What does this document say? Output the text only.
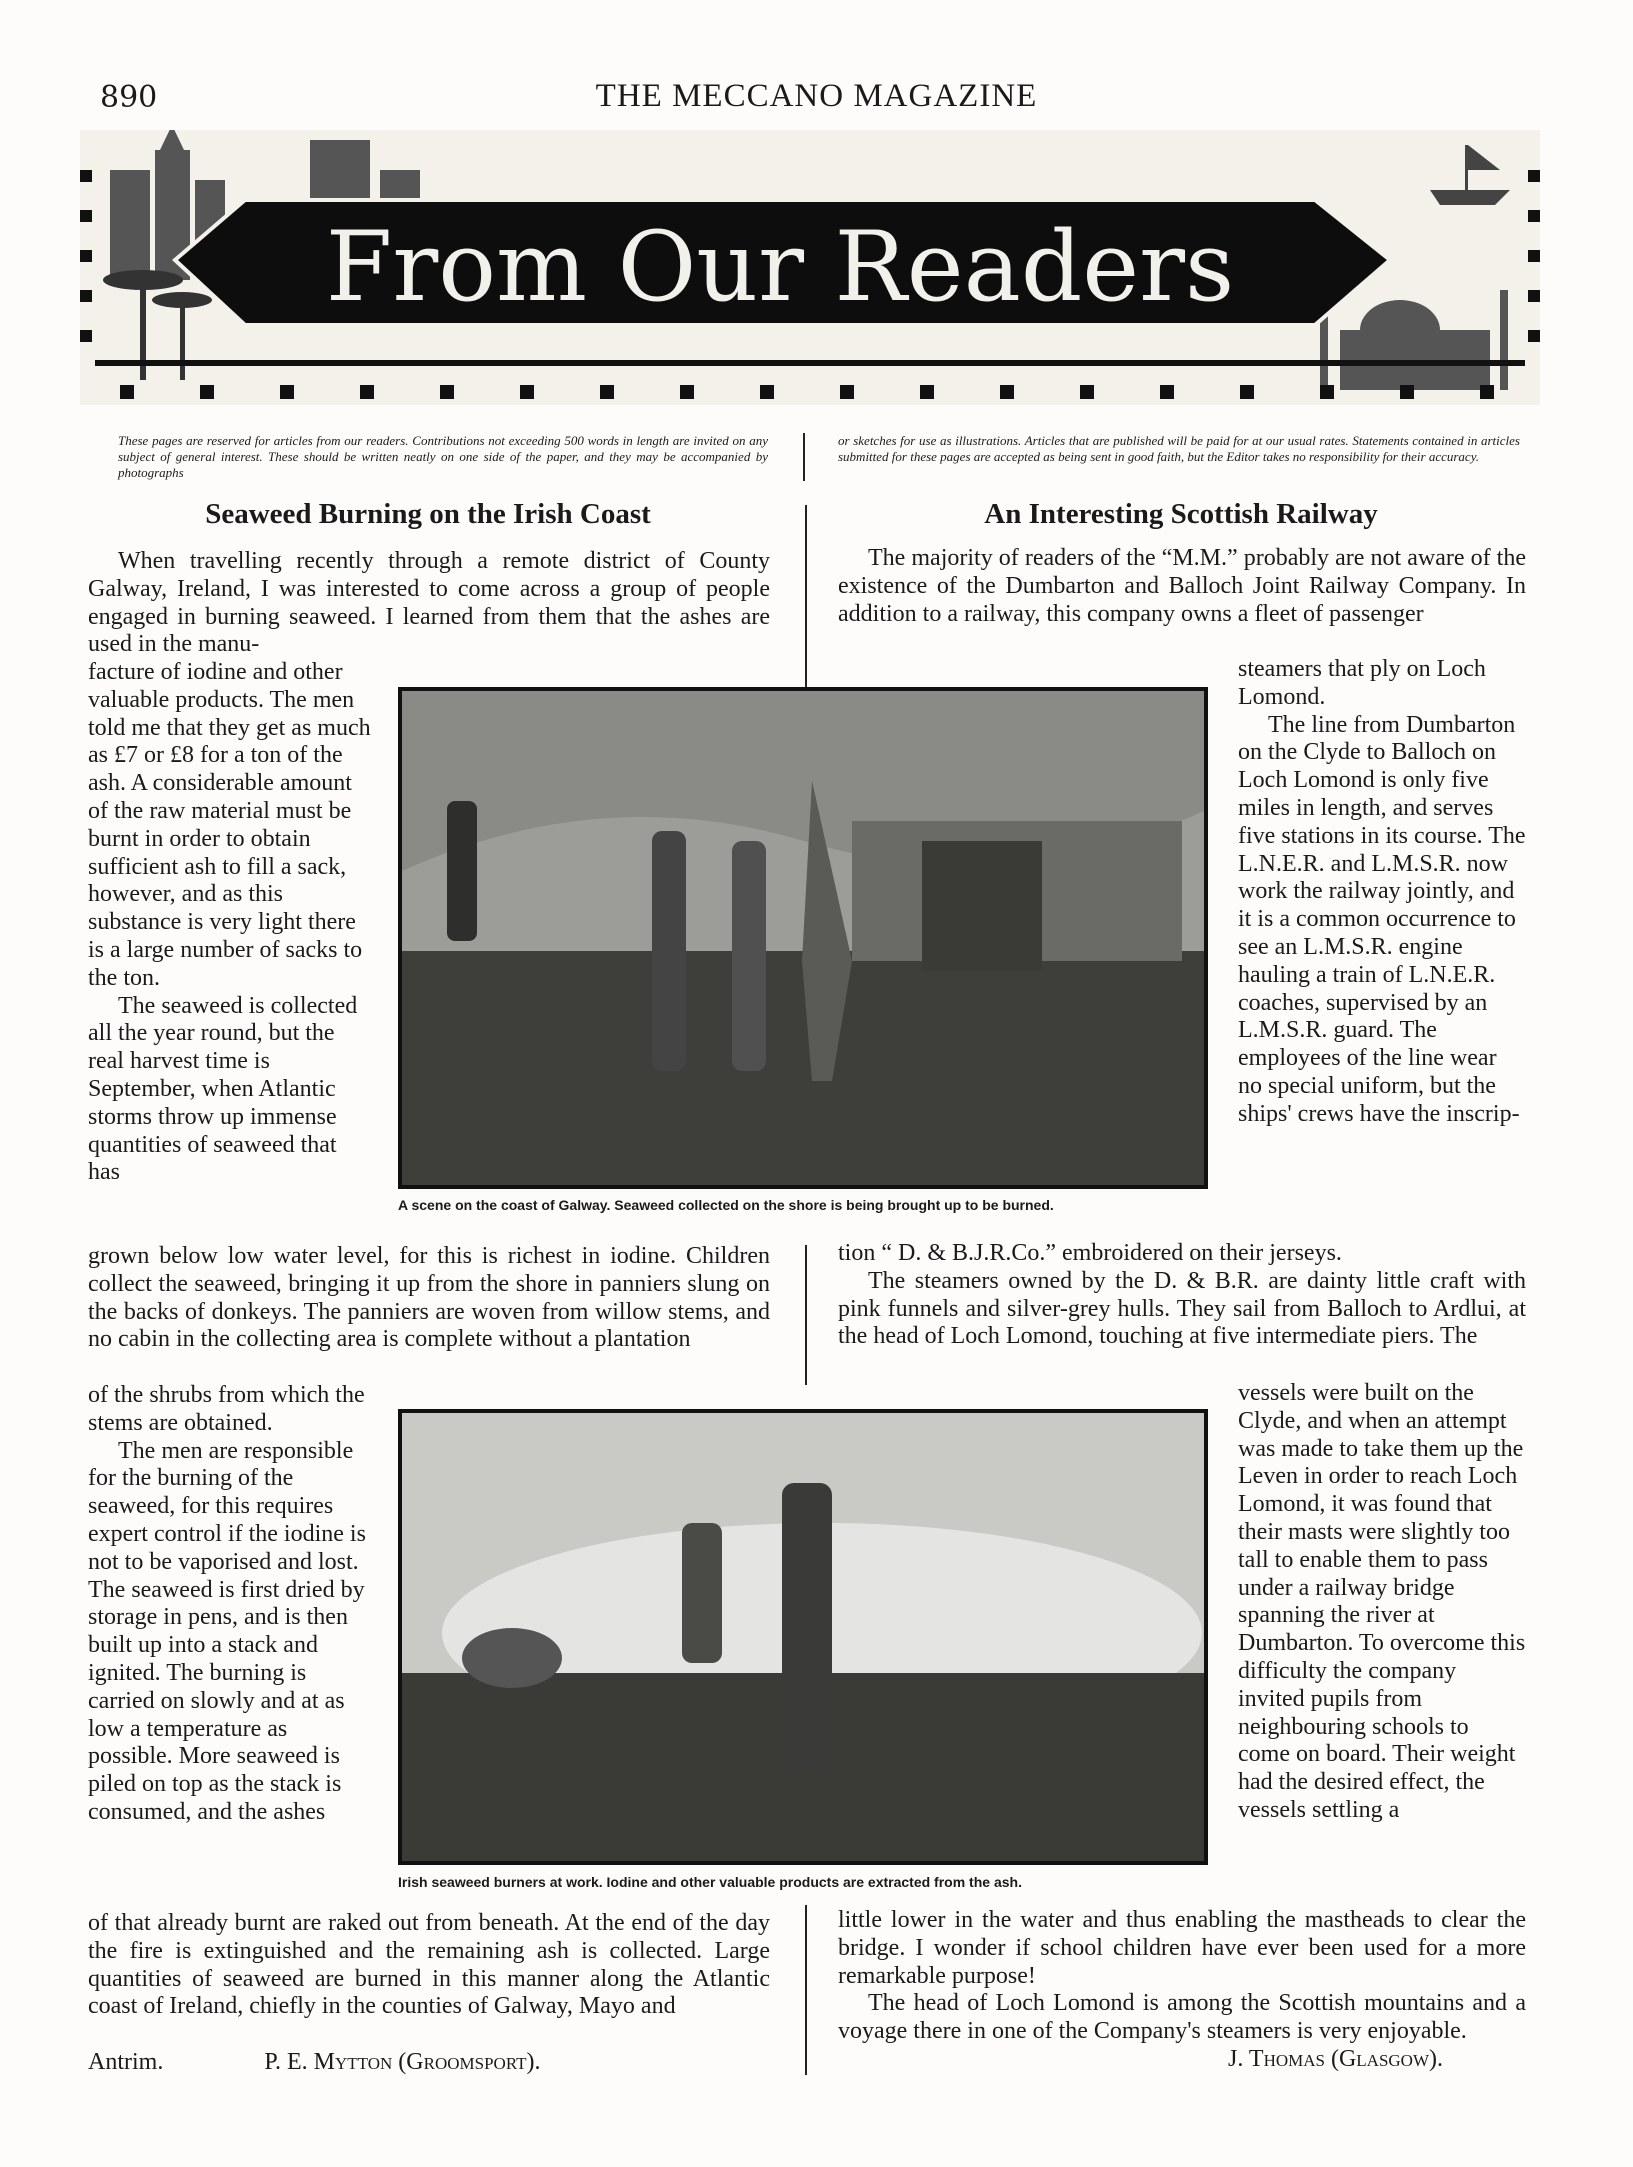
890	THE MECCANO MAGAZINE
From Our Readers
These pages are reserved for articles from our readers. Contributions not exceeding 500 words in length are invited on any subject of general interest. These should be written neatly on one side of the paper, and they may be accompanied by photographs
or sketches for use as illustrations. Articles that are published will be paid for at our usual rates. Statements contained in articles submitted for these pages are accepted as being sent in good faith, but the Editor takes no responsibility for their accuracy.
Seaweed Burning on the Irish Coast	An Interesting Scottish Railway

When travelling recently through a remote district of County Galway, Ireland, I was interested to come across a group of people engaged in burning seaweed. I learned from them that the ashes are used in the manu-

facture of iodine and other valuable products. The men told me that they get as much as £7 or £8 for a ton of the ash. A considerable amount of the raw material must be burnt in order to obtain sufficient ash to fill a sack, however, and as this substance is very light there is a large number of sacks to the ton.

The seaweed is collected all the year round, but the real harvest time is September, when Atlantic storms throw up immense quantities of seaweed that has

grown below low water level, for this is richest in iodine. Children collect the seaweed, bringing it up from the shore in panniers slung on the backs of donkeys. The panniers are woven from willow stems, and no cabin in the collecting area is complete without a plantation

of the shrubs from which the stems are obtained.

The men are responsible for the burning of the seaweed, for this requires expert control if the iodine is not to be vaporised and lost. The seaweed is first dried by storage in pens, and is then built up into a stack and ignited. The burning is carried on slowly and at as low a temperature as possible. More seaweed is piled on top as the stack is consumed, and the ashes

of that already burnt are raked out from beneath. At the end of the day the fire is extinguished and the remaining ash is collected. Large quantities of seaweed are burned in this manner along the Atlantic coast of Ireland, chiefly in the counties of Galway, Mayo and

Antrim.	P. E. Mytton (Groomsport).

The majority of readers of the “M.M.” probably are not aware of the existence of the Dumbarton and Balloch Joint Railway Company. In addition to a railway, this company owns a fleet of passenger

steamers that ply on Loch Lomond.

The line from Dumbarton on the Clyde to Balloch on Loch Lomond is only five miles in length, and serves five stations in its course. The L.N.E.R. and L.M.S.R. now work the railway jointly, and it is a common occurrence to see an L.M.S.R. engine hauling a train of L.N.E.R. coaches, supervised by an L.M.S.R. guard. The employees of the line wear no special uniform, but the ships' crews have the inscrip-

tion “ D. & B.J.R.Co.” embroidered on their jerseys.

The steamers owned by the D. & B.R. are dainty little craft with pink funnels and silver-grey hulls. They sail from Balloch to Ardlui, at the head of Loch Lomond, touching at five intermediate piers. The

vessels were built on the Clyde, and when an attempt was made to take them up the Leven in order to reach Loch Lomond, it was found that their masts were slightly too tall to enable them to pass under a railway bridge spanning the river at Dumbarton. To overcome this difficulty the company invited pupils from neighbouring schools to come on board. Their weight had the desired effect, the vessels settling a

little lower in the water and thus enabling the mastheads to clear the bridge. I wonder if school children have ever been used for a more remarkable purpose!

The head of Loch Lomond is among the Scottish mountains and a voyage there in one of the Company's steamers is very enjoyable.

J. Thomas (Glasgow).
A scene on the coast of Galway. Seaweed collected on the shore is being brought up to be burned.
Irish seaweed burners at work. Iodine and other valuable products are extracted from the ash.
